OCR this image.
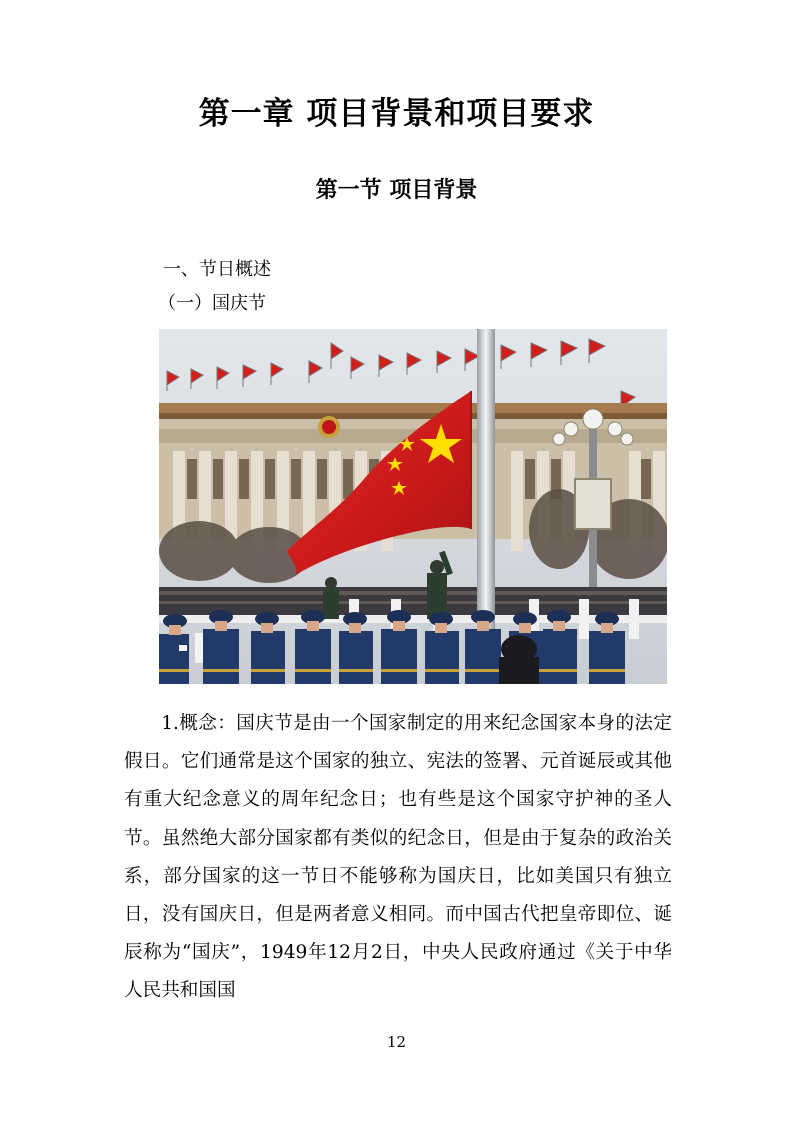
第一章 项目背景和项目要求
第一节 项目背景
一、节日概述
（一）国庆节

1.概念：国庆节是由一个国家制定的用来纪念国家本身的法定假日。它们通常是这个国家的独立、宪法的签署、元首诞辰或其他有重大纪念意义的周年纪念日；也有些是这个国家守护神的圣人节。虽然绝大部分国家都有类似的纪念日，但是由于复杂的政治关系，部分国家的这一节日不能够称为国庆日，比如美国只有独立日，没有国庆日，但是两者意义相同。而中国古代把皇帝即位、诞辰称为“国庆”，1949年12月2日，中央人民政府通过《关于中华人民共和国国

12
